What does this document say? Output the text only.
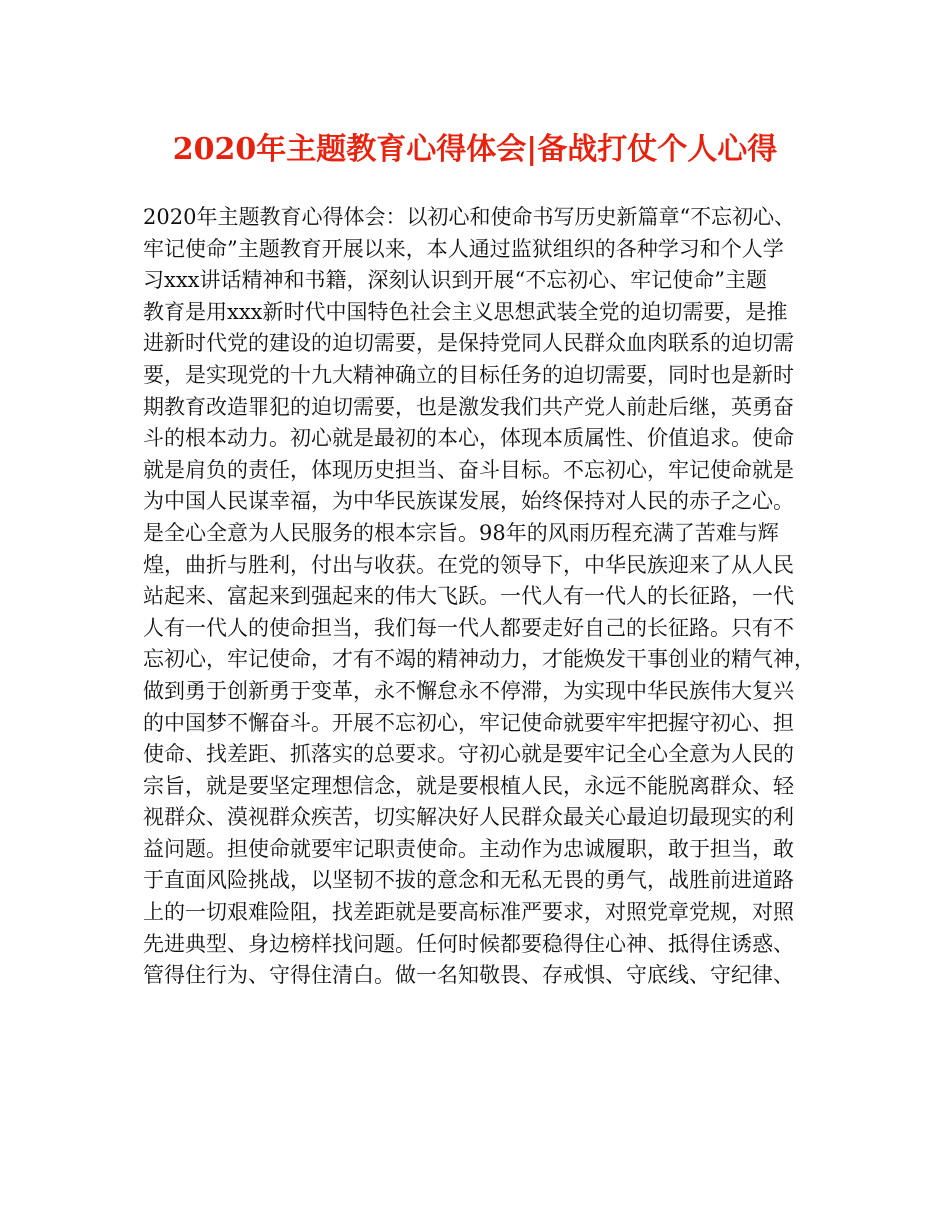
2020年主题教育心得体会|备战打仗个人心得
2020年主题教育心得体会：以初心和使命书写历史新篇章“不忘初心、
牢记使命”主题教育开展以来，本人通过监狱组织的各种学习和个人学
习xxx讲话精神和书籍，深刻认识到开展“不忘初心、牢记使命”主题
教育是用xxx新时代中国特色社会主义思想武装全党的迫切需要，是推
进新时代党的建设的迫切需要，是保持党同人民群众血肉联系的迫切需
要，是实现党的十九大精神确立的目标任务的迫切需要，同时也是新时
期教育改造罪犯的迫切需要，也是激发我们共产党人前赴后继，英勇奋
斗的根本动力。初心就是最初的本心，体现本质属性、价值追求。使命
就是肩负的责任，体现历史担当、奋斗目标。不忘初心，牢记使命就是
为中国人民谋幸福，为中华民族谋发展，始终保持对人民的赤子之心。
是全心全意为人民服务的根本宗旨。98年的风雨历程充满了苦难与辉
煌，曲折与胜利，付出与收获。在党的领导下，中华民族迎来了从人民
站起来、富起来到强起来的伟大飞跃。一代人有一代人的长征路，一代
人有一代人的使命担当，我们每一代人都要走好自己的长征路。只有不
忘初心，牢记使命，才有不竭的精神动力，才能焕发干事创业的精气神，
做到勇于创新勇于变革，永不懈怠永不停滞，为实现中华民族伟大复兴
的中国梦不懈奋斗。开展不忘初心，牢记使命就要牢牢把握守初心、担
使命、找差距、抓落实的总要求。守初心就是要牢记全心全意为人民的
宗旨，就是要坚定理想信念，就是要根植人民，永远不能脱离群众、轻
视群众、漠视群众疾苦，切实解决好人民群众最关心最迫切最现实的利
益问题。担使命就要牢记职责使命。主动作为忠诚履职，敢于担当，敢
于直面风险挑战，以坚韧不拔的意念和无私无畏的勇气，战胜前进道路
上的一切艰难险阻，找差距就是要高标准严要求，对照党章党规，对照
先进典型、身边榜样找问题。任何时候都要稳得住心神、抵得住诱惑、
管得住行为、守得住清白。做一名知敬畏、存戒惧、守底线、守纪律、
